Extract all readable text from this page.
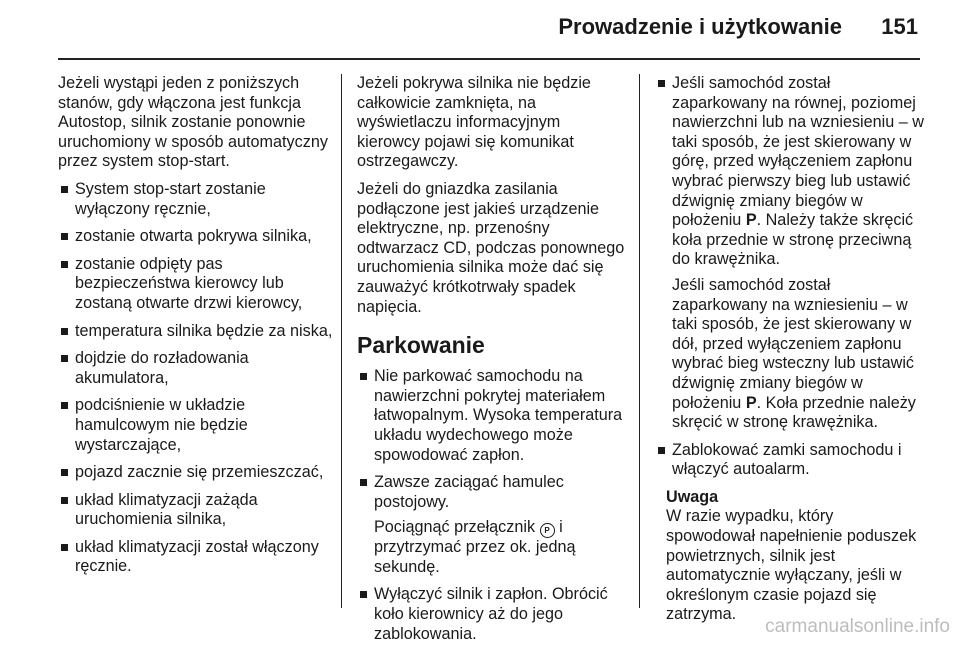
Prowadzenie i użytkowanie 151

Jeżeli wystąpi jeden z poniższych stanów, gdy włączona jest funkcja Autostop, silnik zostanie ponownie uruchomiony w sposób automatyczny przez system stop-start.

System stop-start zostanie wyłączony ręcznie,
zostanie otwarta pokrywa silnika,
zostanie odpięty pas bezpieczeństwa kierowcy lub zostaną otwarte drzwi kierowcy,
temperatura silnika będzie za niska,
dojdzie do rozładowania akumulatora,
podciśnienie w układzie hamulcowym nie będzie wystarczające,
pojazd zacznie się przemieszczać,
układ klimatyzacji zażąda uruchomienia silnika,
układ klimatyzacji został włączony ręcznie.

Jeżeli pokrywa silnika nie będzie całkowicie zamknięta, na wyświetlaczu informacyjnym kierowcy pojawi się komunikat ostrzegawczy.

Jeżeli do gniazdka zasilania podłączone jest jakieś urządzenie elektryczne, np. przenośny odtwarzacz CD, podczas ponownego uruchomienia silnika może dać się zauważyć krótkotrwały spadek napięcia.

Parkowanie
Nie parkować samochodu na nawierzchni pokrytej materiałem łatwopalnym. Wysoka temperatura układu wydechowego może spowodować zapłon.
Zawsze zaciągać hamulec postojowy.
Pociągnąć przełącznik P i przytrzymać przez ok. jedną sekundę.
Wyłączyć silnik i zapłon. Obrócić koło kierownicy aż do jego zablokowania.
Jeśli samochód został zaparkowany na równej, poziomej nawierzchni lub na wzniesieniu – w taki sposób, że jest skierowany w górę, przed wyłączeniem zapłonu wybrać pierwszy bieg lub ustawić dźwignię zmiany biegów w położeniu P. Należy także skręcić koła przednie w stronę przeciwną do krawężnika.
Jeśli samochód został zaparkowany na wzniesieniu – w taki sposób, że jest skierowany w dół, przed wyłączeniem zapłonu wybrać bieg wsteczny lub ustawić dźwignię zmiany biegów w położeniu P. Koła przednie należy skręcić w stronę krawężnika.
Zablokować zamki samochodu i włączyć autoalarm.
Uwaga
W razie wypadku, który spowodował napełnienie poduszek powietrznych, silnik jest automatycznie wyłączany, jeśli w określonym czasie pojazd się zatrzyma.
carmanualsonline.info
